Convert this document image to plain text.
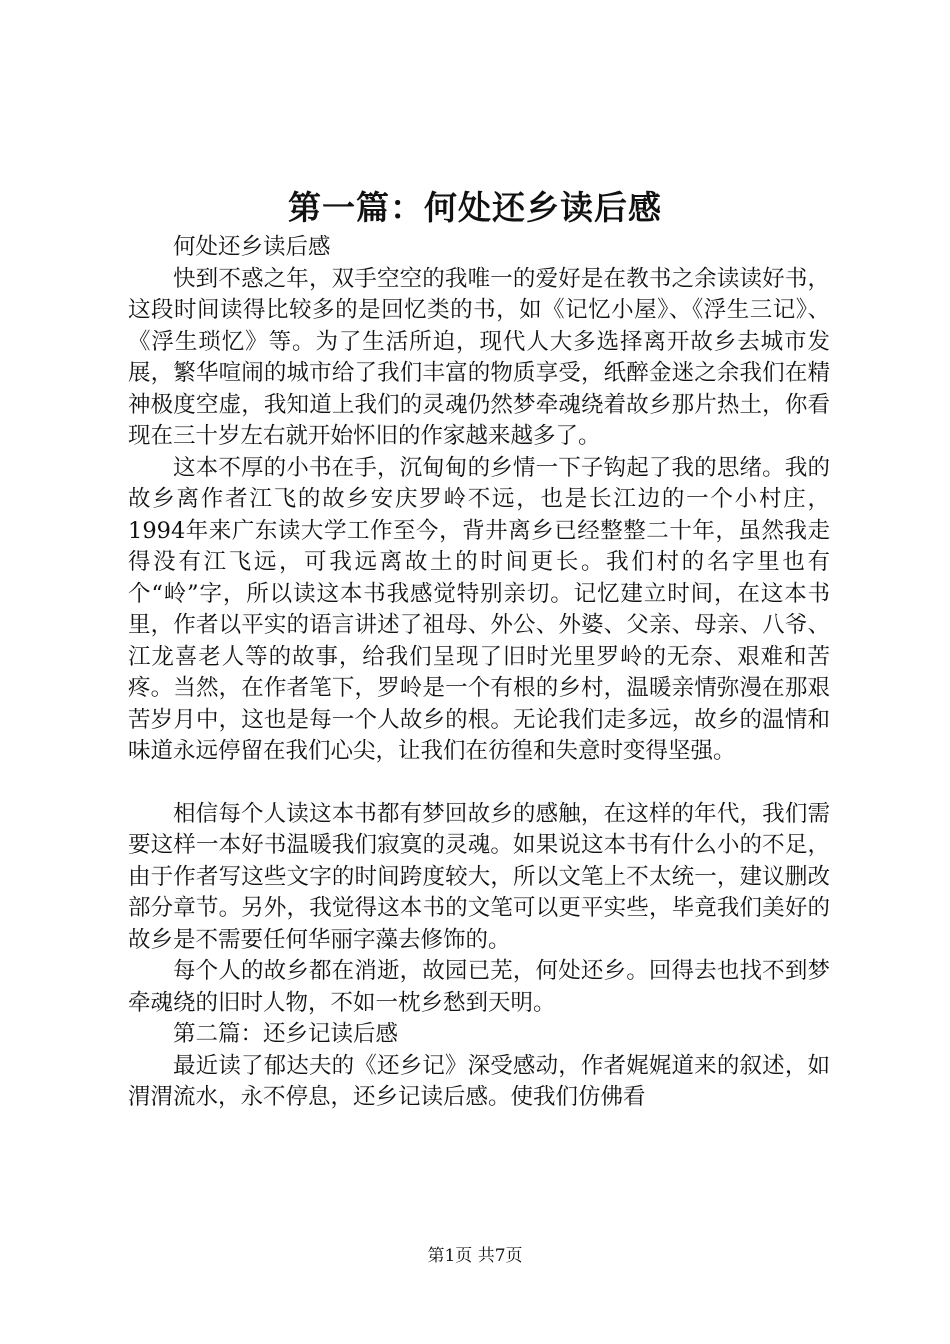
第一篇：何处还乡读后感

何处还乡读后感

快到不惑之年，双手空空的我唯一的爱好是在教书之余读读好书，这段时间读得比较多的是回忆类的书，如《记忆小屋》、《浮生三记》、《浮生琐忆》等。为了生活所迫，现代人大多选择离开故乡去城市发展，繁华喧闹的城市给了我们丰富的物质享受，纸醉金迷之余我们在精神极度空虚，我知道上我们的灵魂仍然梦牵魂绕着故乡那片热土，你看现在三十岁左右就开始怀旧的作家越来越多了。

这本不厚的小书在手，沉甸甸的乡情一下子钩起了我的思绪。我的故乡离作者江飞的故乡安庆罗岭不远，也是长江边的一个小村庄，1994年来广东读大学工作至今，背井离乡已经整整二十年，虽然我走得没有江飞远，可我远离故土的时间更长。我们村的名字里也有个“岭”字，所以读这本书我感觉特别亲切。记忆建立时间，在这本书里，作者以平实的语言讲述了祖母、外公、外婆、父亲、母亲、八爷、江龙喜老人等的故事，给我们呈现了旧时光里罗岭的无奈、艰难和苦疼。当然，在作者笔下，罗岭是一个有根的乡村，温暖亲情弥漫在那艰苦岁月中，这也是每一个人故乡的根。无论我们走多远，故乡的温情和味道永远停留在我们心尖，让我们在彷徨和失意时变得坚强。

相信每个人读这本书都有梦回故乡的感触，在这样的年代，我们需要这样一本好书温暖我们寂寞的灵魂。如果说这本书有什么小的不足，由于作者写这些文字的时间跨度较大，所以文笔上不太统一，建议删改部分章节。另外，我觉得这本书的文笔可以更平实些，毕竟我们美好的故乡是不需要任何华丽字藻去修饰的。

每个人的故乡都在消逝，故园已芜，何处还乡。回得去也找不到梦牵魂绕的旧时人物，不如一枕乡愁到天明。

第二篇：还乡记读后感

最近读了郁达夫的《还乡记》深受感动，作者娓娓道来的叙述，如渭渭流水，永不停息，还乡记读后感。使我们仿佛看

第1页 共7页
